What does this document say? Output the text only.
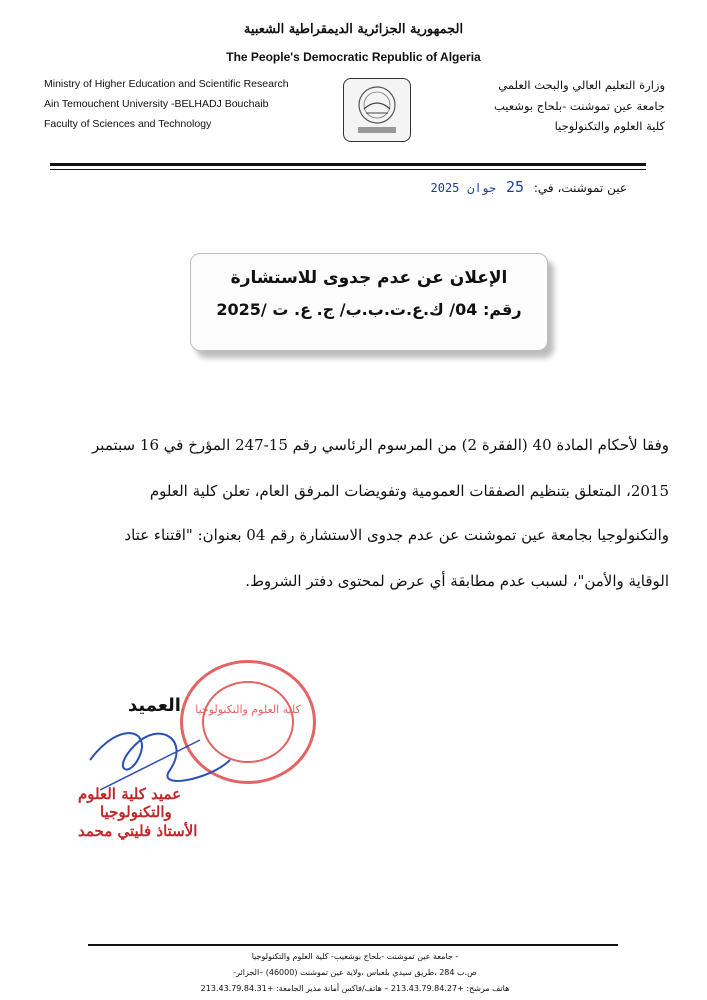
الجمهورية الجزائرية الديمقراطية الشعبية
The People's Democratic Republic of Algeria
Ministry of Higher Education and Scientific Research
Ain Temouchent University -BELHADJ Bouchaib
Faculty of Sciences and Technology
وزارة التعليم العالي والبحث العلمي
جامعة عين تموشنت -بلحاج بوشعيب
كلية العلوم والتكنولوجيا
عين تموشنت، في: 25 جوان 2025
الإعلان عن عدم جدوى للاستشارة
رقم: 04/ ك.ع.ت.ب.ب/ ج. ع. ت /2025
وفقا لأحكام المادة 40 (الفقرة 2) من المرسوم الرئاسي رقم 15-247 المؤرخ في 16 سبتمبر
2015، المتعلق بتنظيم الصفقات العمومية وتفويضات المرفق العام، تعلن كلية العلوم
والتكنولوجيا بجامعة عين تموشنت عن عدم جدوى الاستشارة رقم 04 بعنوان: "اقتناء عتاد
الوقاية والأمن"، لسبب عدم مطابقة أي عرض لمحتوى دفتر الشروط.
كلية العلوم والتكنولوجيا
العميد
عميد كلية العلوم
والتكنولوجيا
الأستاذ فليتي محمد
- جامعة عين تموشنت -بلحاج بوشعيب- كلية العلوم والتكنولوجيا
ص.ب 284 ،طريق سيدي بلعباس ،ولاية عين تموشنت (46000) –الجزائر-
هاتف مرشح: +213.43.79.84.27 – هاتف/فاكس أمانة مدير الجامعة: +213.43.79.84.31
